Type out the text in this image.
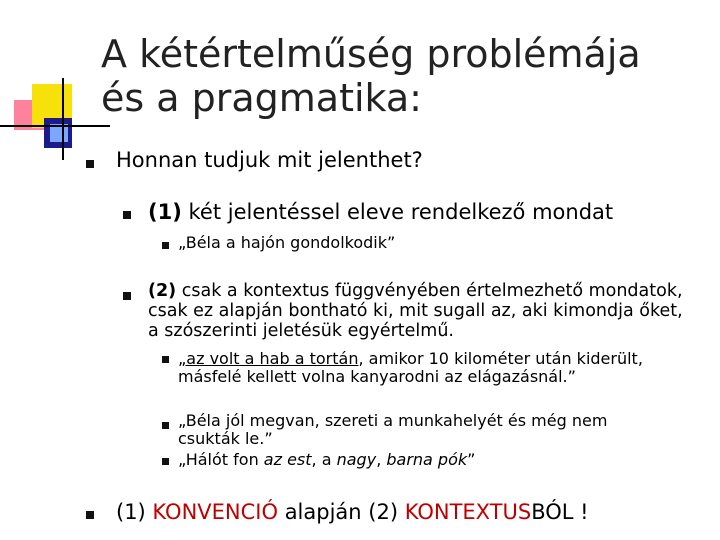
A kétértelműség problémája
és a pragmatika:
Honnan tudjuk mit jelenthet?
(1) két jelentéssel eleve rendelkező mondat
„Béla a hajón gondolkodik”
(2) csak a kontextus függvényében értelmezhető mondatok, csak ez alapján bontható ki, mit sugall az, aki kimondja őket, a szószerinti jeletésük egyértelmű.
„az volt a hab a tortán, amikor 10 kilométer után kiderült, másfelé kellett volna kanyarodni az elágazásnál.”
„Béla jól megvan, szereti a munkahelyét és még nem csukták le.”
„Hálót fon az est, a nagy, barna pók”
(1) KONVENCIÓ alapján (2) KONTEXTUSBÓL !
